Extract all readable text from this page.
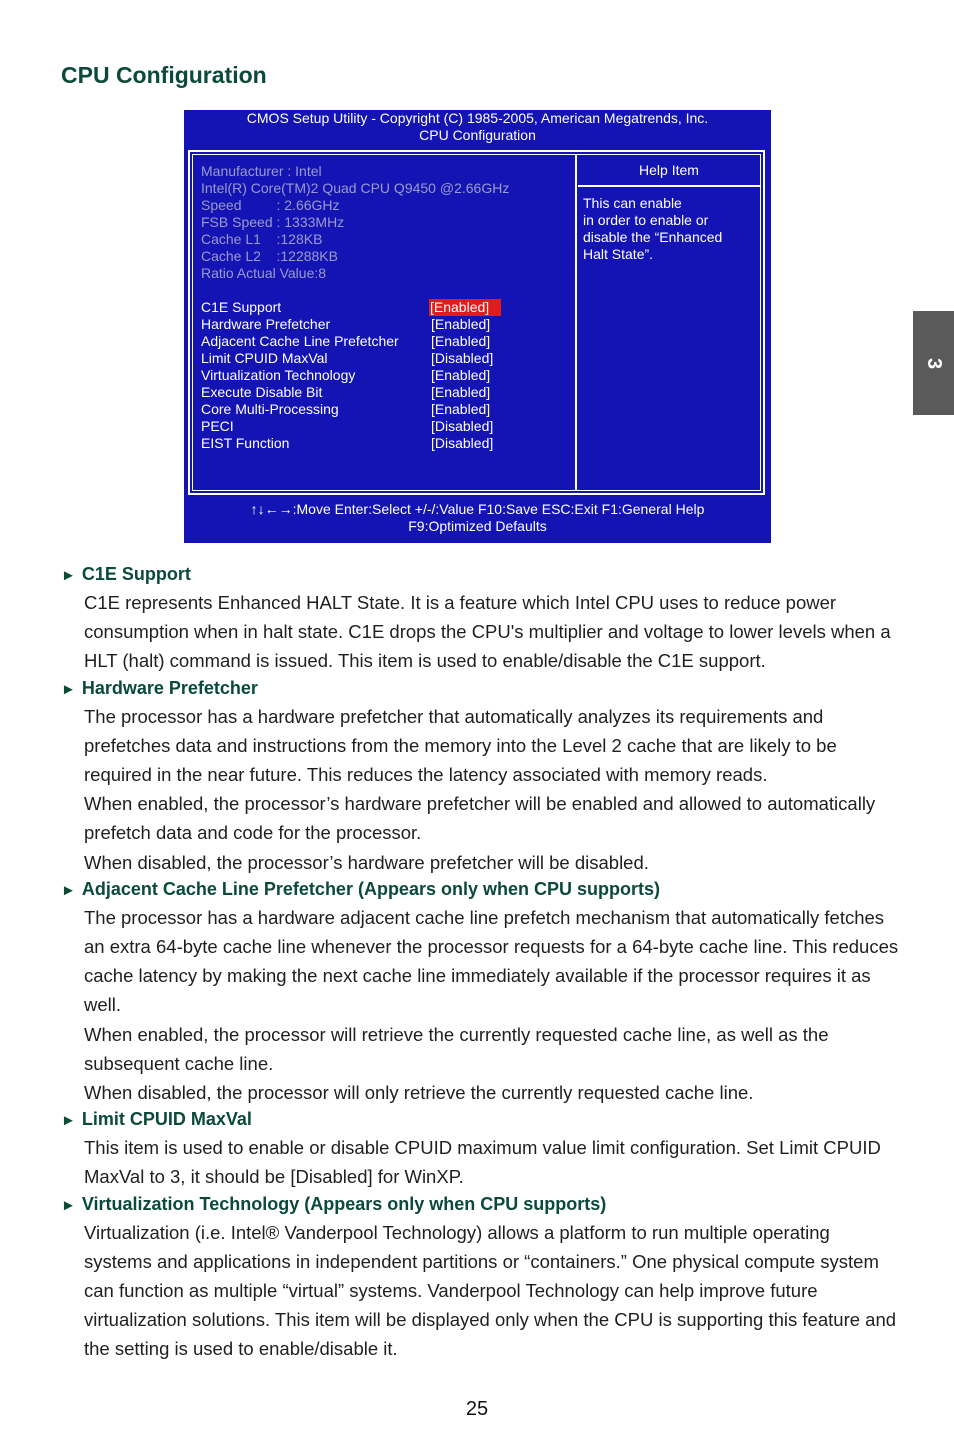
CPU Configuration
3
CMOS Setup Utility - Copyright (C) 1985-2005, American Megatrends, Inc.
CPU Configuration
Manufacturer : Intel
Intel(R) Core(TM)2 Quad CPU Q9450 @2.66GHz
Speed         : 2.66GHz
FSB Speed : 1333MHz
Cache L1    :128KB
Cache L2    :12288KB
Ratio Actual Value:8
C1E Support	[Enabled]
Hardware Prefetcher	[Enabled]
Adjacent Cache Line Prefetcher	[Enabled]
Limit CPUID MaxVal	[Disabled]
Virtualization Technology	[Enabled]
Execute Disable Bit	[Enabled]
Core Multi-Processing	[Enabled]
PECI	[Disabled]
EIST Function	[Disabled]
Help Item
This can enable
in order to enable or
disable the “Enhanced
Halt State”.
↑↓←→:Move Enter:Select +/-/:Value F10:Save ESC:Exit F1:General Help
F9:Optimized Defaults

► C1E Support

C1E represents Enhanced HALT State. It is a feature which Intel CPU uses to reduce power consumption when in halt state. C1E drops the CPU's multiplier and voltage to lower levels when a HLT (halt) command is issued. This item is used to enable/disable the C1E support.

► Hardware Prefetcher

The processor has a hardware prefetcher that automatically analyzes its requirements and prefetches data and instructions from the memory into the Level 2 cache that are likely to be required in the near future. This reduces the latency associated with memory reads.

When enabled, the processor’s hardware prefetcher will be enabled and allowed to automatically prefetch data and code for the processor.

When disabled, the processor’s hardware prefetcher will be disabled.

► Adjacent Cache Line Prefetcher (Appears only when CPU supports)

The processor has a hardware adjacent cache line prefetch mechanism that automatically fetches an extra 64-byte cache line whenever the processor requests for a 64-byte cache line. This reduces cache latency by making the next cache line immediately available if the processor requires it as well.

When enabled, the processor will retrieve the currently requested cache line, as well as the subsequent cache line.

When disabled, the processor will only retrieve the currently requested cache line.

► Limit CPUID MaxVal

This item is used to enable or disable CPUID maximum value limit configuration. Set Limit CPUID MaxVal to 3, it should be [Disabled] for WinXP.

► Virtualization Technology (Appears only when CPU supports)

Virtualization (i.e. Intel® Vanderpool Technology) allows a platform to run multiple operating systems and applications in independent partitions or “containers.” One physical compute system can function as multiple “virtual” systems. Vanderpool Technology can help improve future virtualization solutions. This item will be displayed only when the CPU is supporting this feature and the setting is used to enable/disable it.

25
